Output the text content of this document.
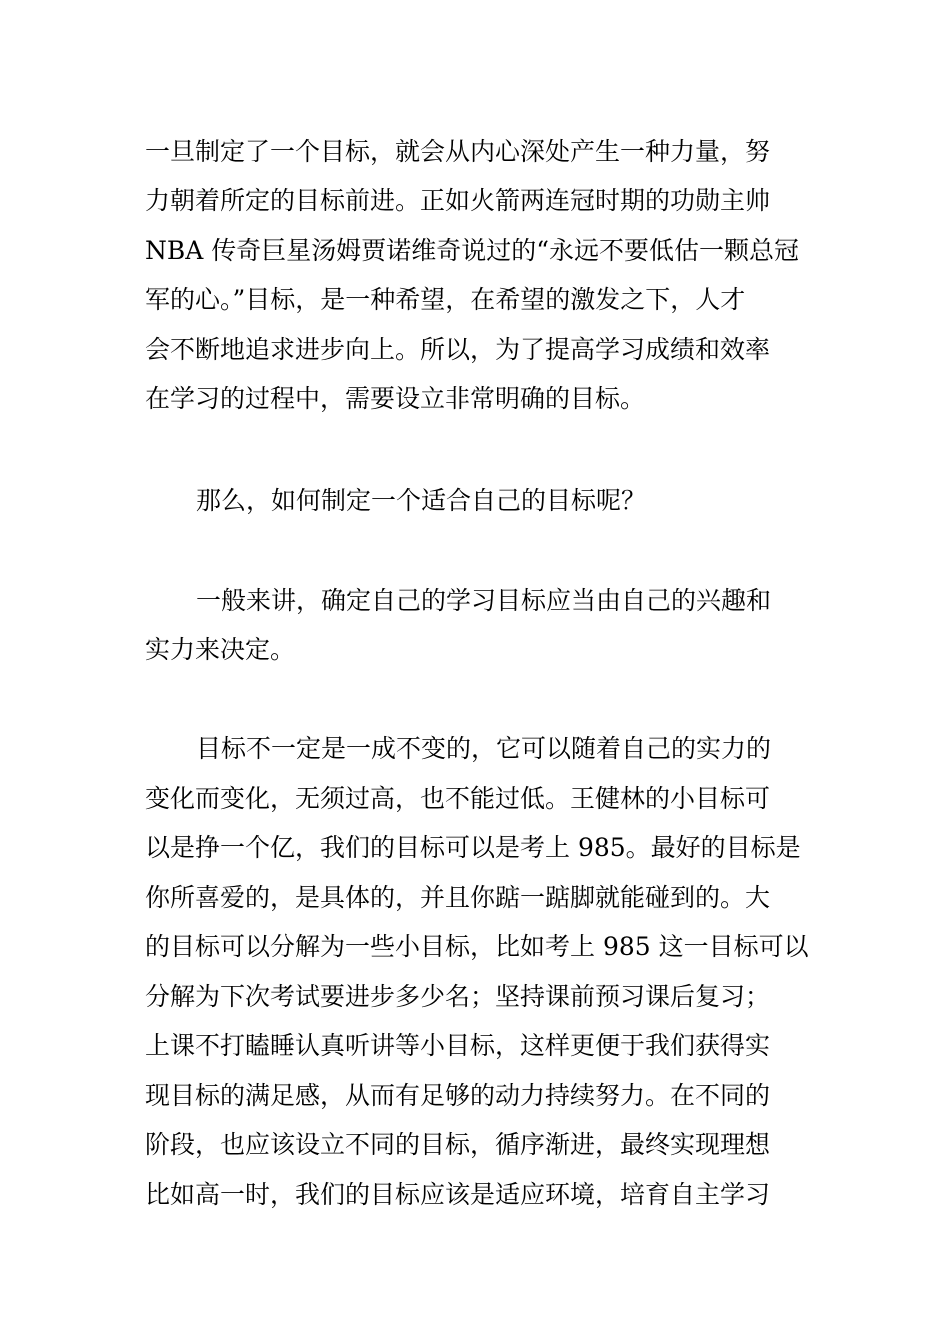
一旦制定了一个目标，就会从内心深处产生一种力量，努
力朝着所定的目标前进。正如火箭两连冠时期的功勋主帅
NBA 传奇巨星汤姆贾诺维奇说过的“永远不要低估一颗总冠
军的心。”目标，是一种希望，在希望的激发之下，人才
会不断地追求进步向上。所以，为了提高学习成绩和效率
在学习的过程中，需要设立非常明确的目标。
那么，如何制定一个适合自己的目标呢？
一般来讲，确定自己的学习目标应当由自己的兴趣和
实力来决定。
目标不一定是一成不变的，它可以随着自己的实力的
变化而变化，无须过高，也不能过低。王健林的小目标可
以是挣一个亿，我们的目标可以是考上 985。最好的目标是
你所喜爱的，是具体的，并且你踮一踮脚就能碰到的。大
的目标可以分解为一些小目标，比如考上 985 这一目标可以
分解为下次考试要进步多少名；坚持课前预习课后复习；
上课不打瞌睡认真听讲等小目标，这样更便于我们获得实
现目标的满足感，从而有足够的动力持续努力。在不同的
阶段，也应该设立不同的目标，循序渐进，最终实现理想
比如高一时，我们的目标应该是适应环境，培育自主学习
